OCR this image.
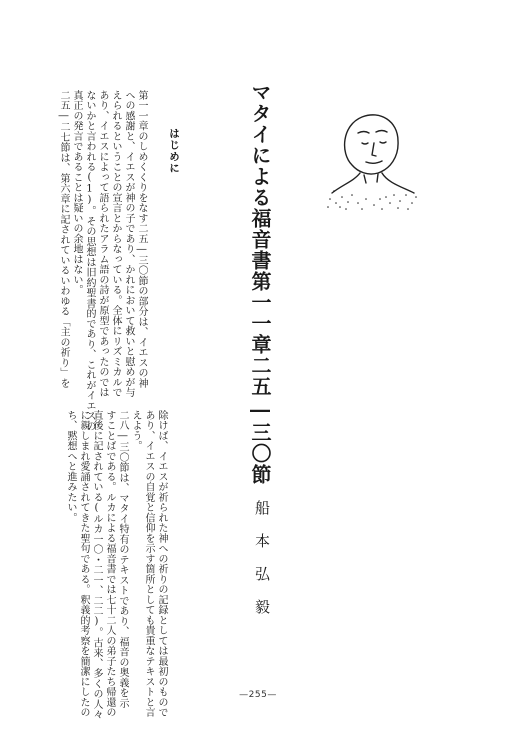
マタイによる福音書第一一章二五―三〇節
船本弘毅
はじめに

第一一章のしめくくりをなす二五―三〇節の部分は、イエスの神

への感謝と、イエスが神の子であり、かれにおいて救いと慰めが与

えられるということの宣言とからなっている。全体にリズミカルで

あり、イエスによって語られたアラム語の詩が原型であったのでは

ないかと言われる(1)。その思想は旧約聖書的であり、これがイエスの

真正の発言であることは疑いの余地はない。

二五―二七節は、第六章に記されているいわゆる「主の祈り」を

除けば、イエスが祈られた神への祈りの記録としては最初のもので

あり、イエスの自覚と信仰を示す箇所としても貴重なテキストと言

えよう。

二八―三〇節は、マタイ特有のテキストであり、福音の奥義を示

すことばである。ルカによる福音書では七十二人の弟子たち帰還の

直後に記されている(ルカ一〇・二一、二二)。古来、多くの人々

に親しまれ愛誦されてきた聖句である。釈義的考察を簡潔にしたの

ち、黙想へと進みたい。

—255—
